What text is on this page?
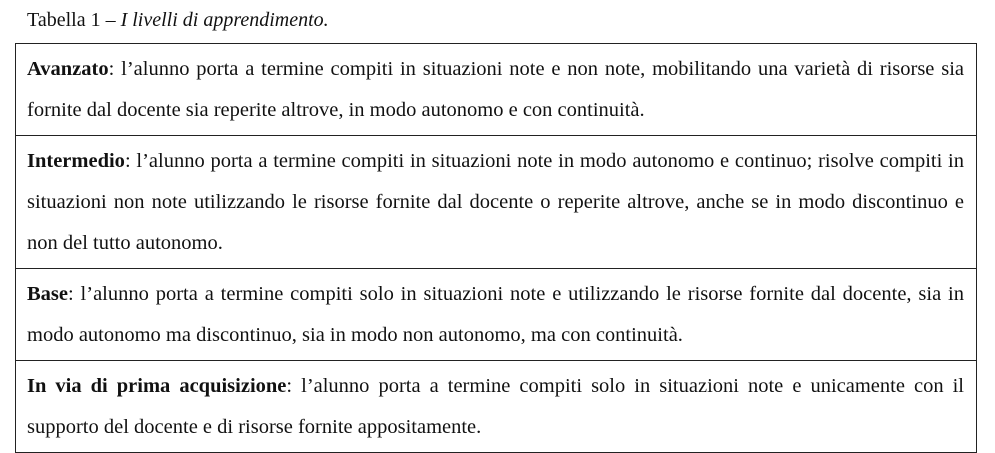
Tabella 1 – I livelli di apprendimento.
Avanzato: l’alunno porta a termine compiti in situazioni note e non note, mobilitando una varietà di risorse sia fornite dal docente sia reperite altrove, in modo autonomo e con continuità.
Intermedio: l’alunno porta a termine compiti in situazioni note in modo autonomo e continuo; risolve compiti in situazioni non note utilizzando le risorse fornite dal docente o reperite altrove, anche se in modo discontinuo e non del tutto autonomo.
Base: l’alunno porta a termine compiti solo in situazioni note e utilizzando le risorse fornite dal docente, sia in modo autonomo ma discontinuo, sia in modo non autonomo, ma con continuità.
In via di prima acquisizione: l’alunno porta a termine compiti solo in situazioni note e unicamente con il supporto del docente e di risorse fornite appositamente.
